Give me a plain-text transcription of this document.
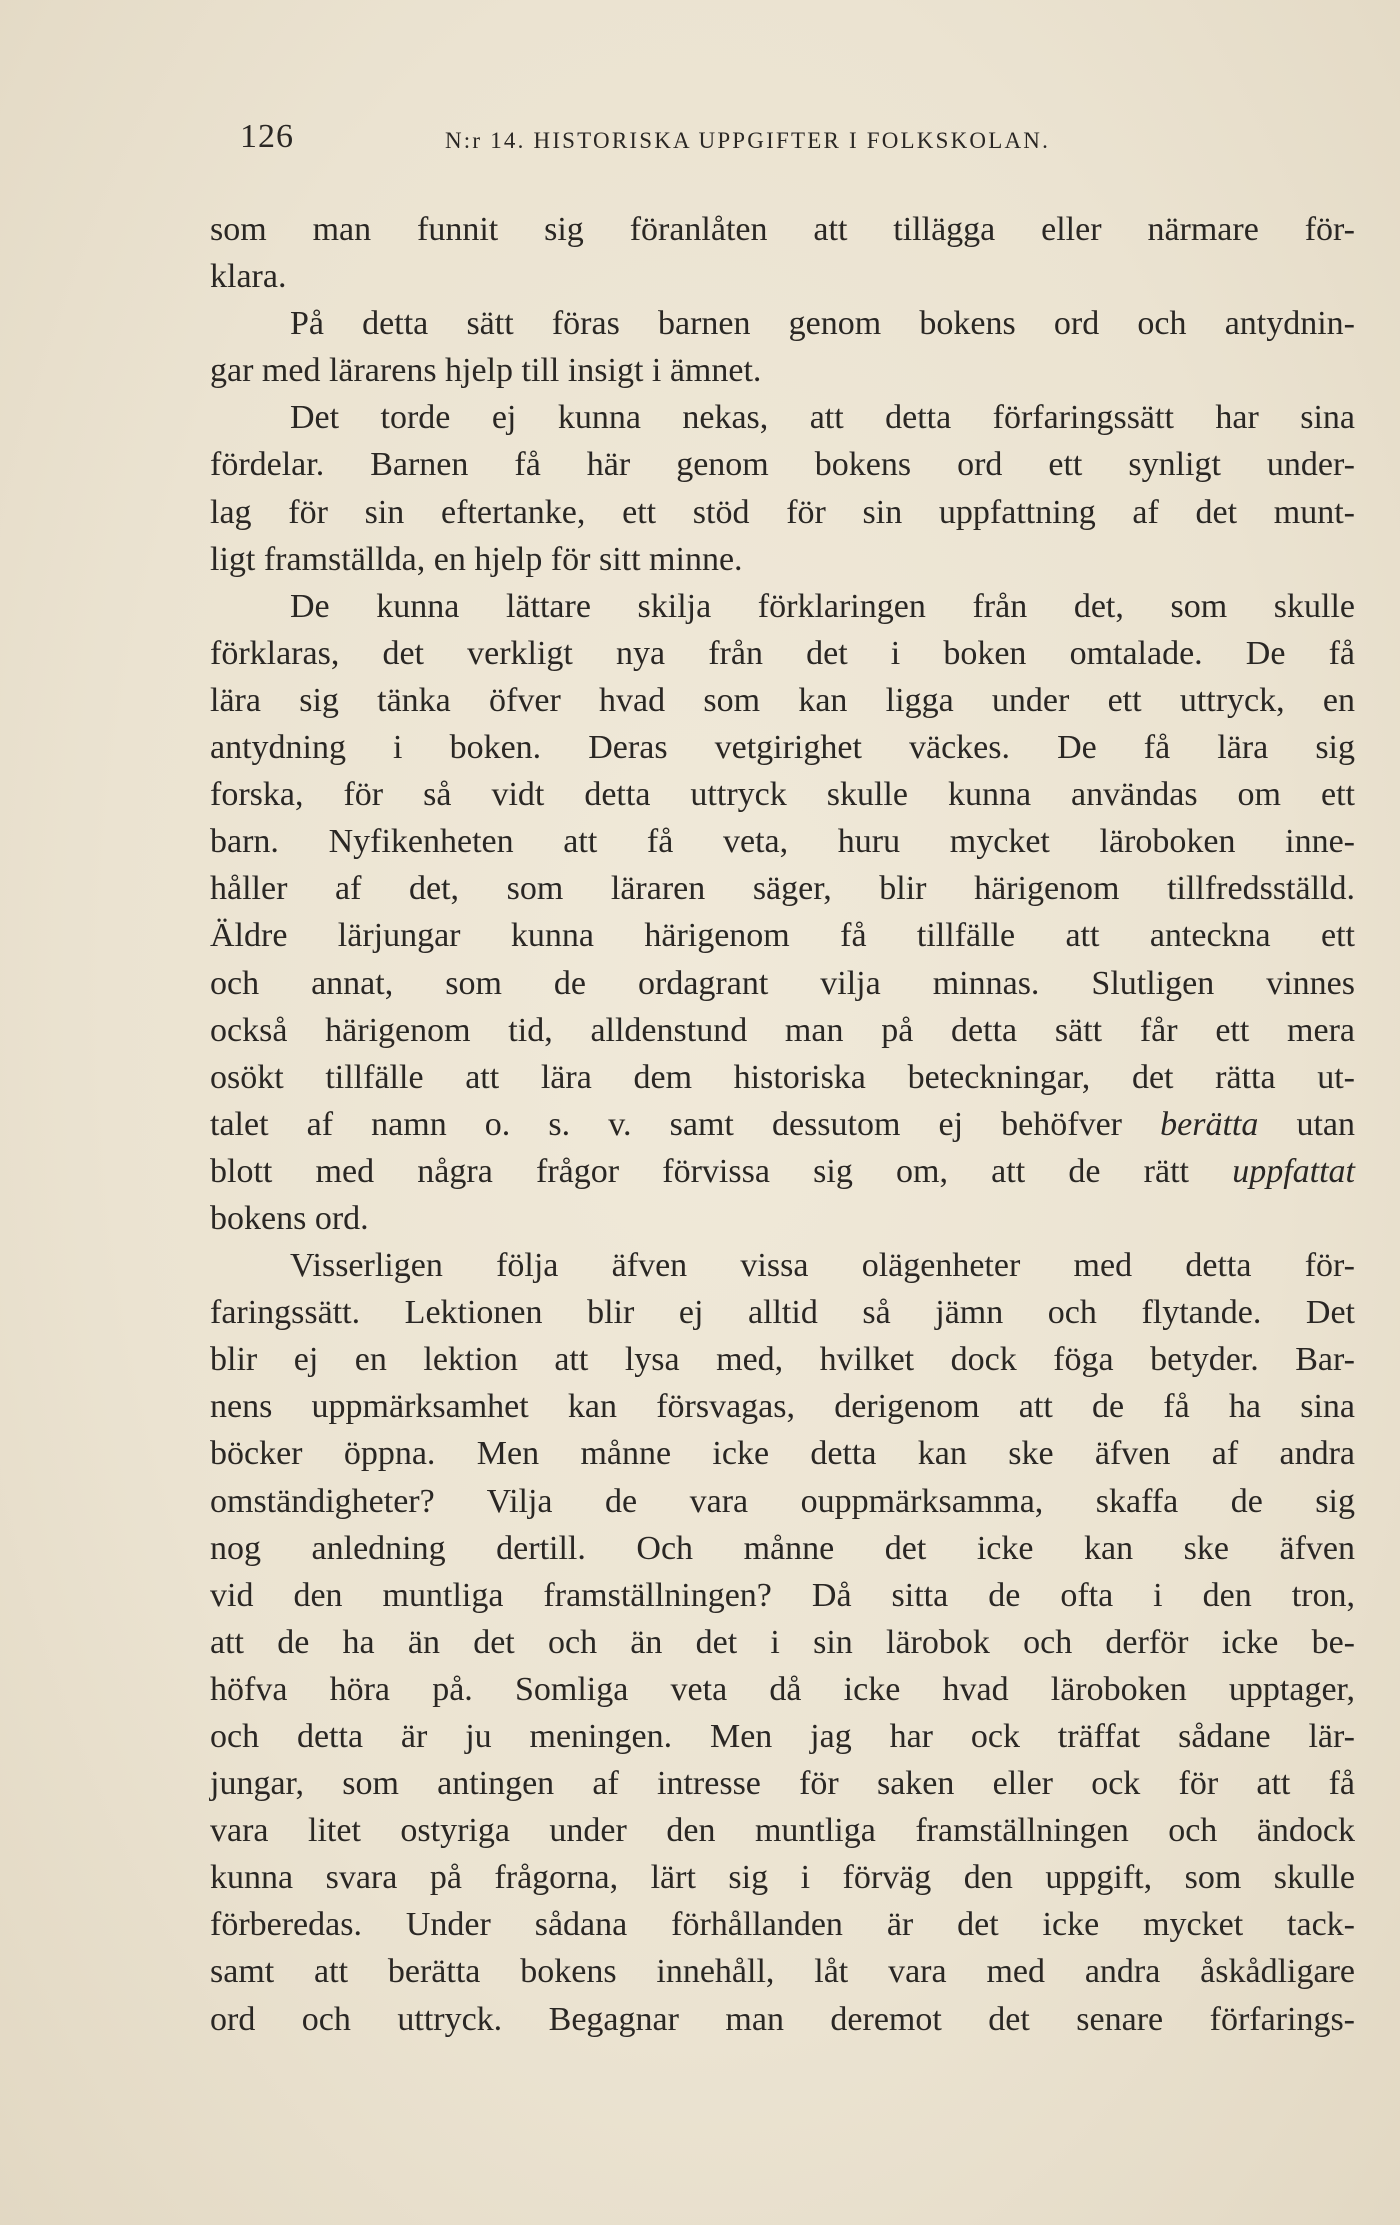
126	N:r 14. HISTORISKA UPPGIFTER I FOLKSKOLAN.
som man funnit sig föranlåten att tillägga eller närmare för-
klara.
På detta sätt föras barnen genom bokens ord och antydnin-
gar med lärarens hjelp till insigt i ämnet.
Det torde ej kunna nekas, att detta förfaringssätt har sina
fördelar. Barnen få här genom bokens ord ett synligt under-
lag för sin eftertanke, ett stöd för sin uppfattning af det munt-
ligt framställda, en hjelp för sitt minne.
De kunna lättare skilja förklaringen från det, som skulle
förklaras, det verkligt nya från det i boken omtalade. De få
lära sig tänka öfver hvad som kan ligga under ett uttryck, en
antydning i boken. Deras vetgirighet väckes. De få lära sig
forska, för så vidt detta uttryck skulle kunna användas om ett
barn. Nyfikenheten att få veta, huru mycket läroboken inne-
håller af det, som läraren säger, blir härigenom tillfredsställd.
Äldre lärjungar kunna härigenom få tillfälle att anteckna ett
och annat, som de ordagrant vilja minnas. Slutligen vinnes
också härigenom tid, alldenstund man på detta sätt får ett mera
osökt tillfälle att lära dem historiska beteckningar, det rätta ut-
talet af namn o. s. v. samt dessutom ej behöfver berätta utan
blott med några frågor förvissa sig om, att de rätt uppfattat
bokens ord.
Visserligen följa äfven vissa olägenheter med detta för-
faringssätt. Lektionen blir ej alltid så jämn och flytande. Det
blir ej en lektion att lysa med, hvilket dock föga betyder. Bar-
nens uppmärksamhet kan försvagas, derigenom att de få ha sina
böcker öppna. Men månne icke detta kan ske äfven af andra
omständigheter? Vilja de vara ouppmärksamma, skaffa de sig
nog anledning dertill. Och månne det icke kan ske äfven
vid den muntliga framställningen? Då sitta de ofta i den tron,
att de ha än det och än det i sin lärobok och derför icke be-
höfva höra på. Somliga veta då icke hvad läroboken upptager,
och detta är ju meningen. Men jag har ock träffat sådane lär-
jungar, som antingen af intresse för saken eller ock för att få
vara litet ostyriga under den muntliga framställningen och ändock
kunna svara på frågorna, lärt sig i förväg den uppgift, som skulle
förberedas. Under sådana förhållanden är det icke mycket tack-
samt att berätta bokens innehåll, låt vara med andra åskådligare
ord och uttryck. Begagnar man deremot det senare förfarings-
